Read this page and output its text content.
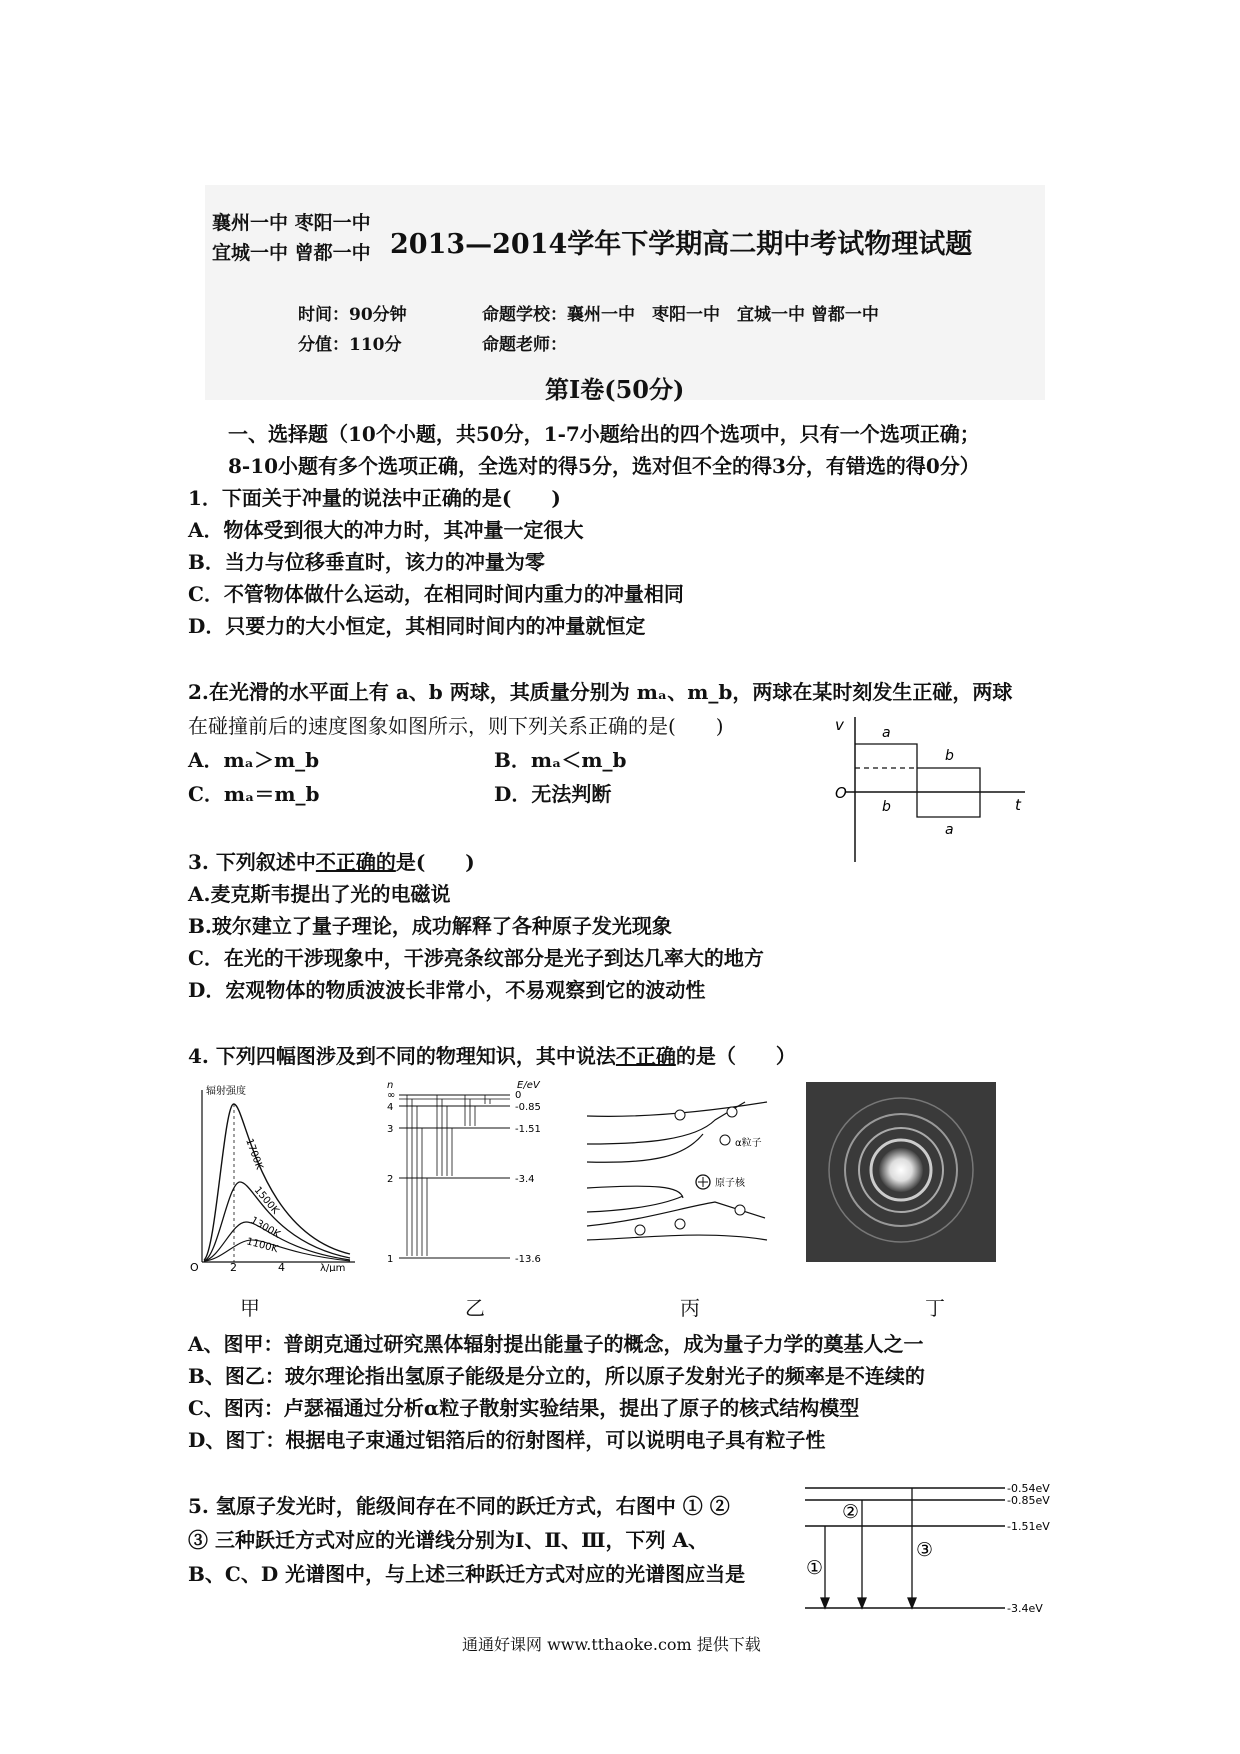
襄州一中 枣阳一中
宜城一中 曾都一中 2013—2014学年下学期高二期中考试物理试题
时间：90分钟
分值：110分
命题学校：襄州一中　枣阳一中　宜城一中 曾都一中
命题老师：
第I卷(50分)
一、选择题（10个小题，共50分，1-7小题给出的四个选项中，只有一个选项正确；
8-10小题有多个选项正确，全选对的得5分，选对但不全的得3分，有错选的得0分）
1．下面关于冲量的说法中正确的是(　　)
A．物体受到很大的冲力时，其冲量一定很大
B．当力与位移垂直时，该力的冲量为零
C．不管物体做什么运动，在相同时间内重力的冲量相同
D．只要力的大小恒定，其相同时间内的冲量就恒定
2.在光滑的水平面上有 a、b 两球，其质量分别为 mₐ、m_b，两球在某时刻发生正碰，两球
在碰撞前后的速度图象如图所示，则下列关系正确的是(　　)
A．mₐ＞m_b	B．mₐ＜m_b
C．mₐ＝m_b	D．无法判断
v
t
O
a
b
b
a
3. 下列叙述中不正确的是(　　)
A.麦克斯韦提出了光的电磁说
B.玻尔建立了量子理论，成功解释了各种原子发光现象
C．在光的干涉现象中，干涉亮条纹部分是光子到达几率大的地方
D．宏观物体的物质波波长非常小，不易观察到它的波动性
4. 下列四幅图涉及到不同的物理知识，其中说法不正确的是（　　）
辐射强度
1700K
1500K
1300K
1100K
O	2	4	λ/μm
n	E/eV
∞
4
3
2
1
0
-0.85
-1.51
-3.4
-13.6
α粒子
原子核
甲	乙	丙	丁
A、图甲：普朗克通过研究黑体辐射提出能量子的概念，成为量子力学的奠基人之一
B、图乙：玻尔理论指出氢原子能级是分立的，所以原子发射光子的频率是不连续的
C、图丙：卢瑟福通过分析α粒子散射实验结果，提出了原子的核式结构模型
D、图丁：根据电子束通过铝箔后的衍射图样，可以说明电子具有粒子性
5. 氢原子发光时，能级间存在不同的跃迁方式，右图中 ① ②
③ 三种跃迁方式对应的光谱线分别为Ⅰ、Ⅱ、Ⅲ，下列 A、
B、C、D 光谱图中，与上述三种跃迁方式对应的光谱图应当是
-0.54eV
-0.85eV
-1.51eV
-3.4eV
①
②
③
通通好课网 www.tthaoke.com 提供下载
